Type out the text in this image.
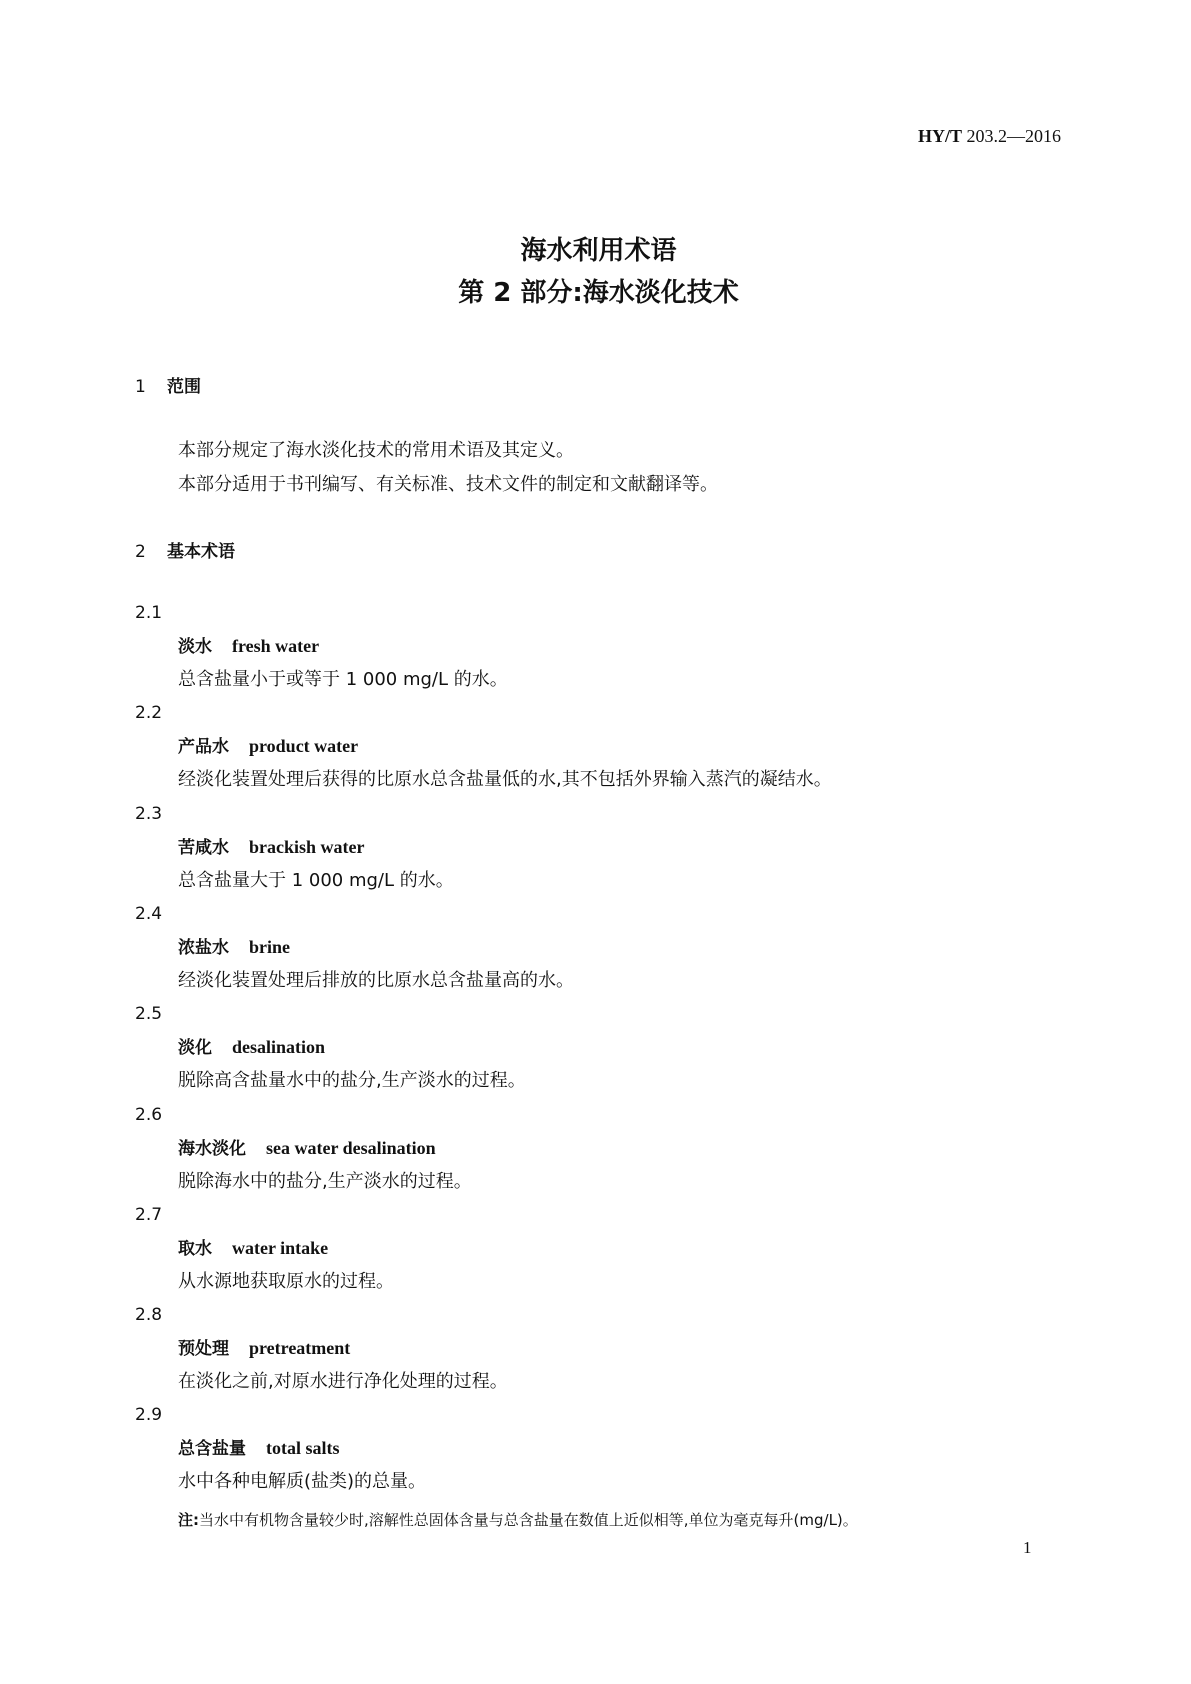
HY/T 203.2—2016
海水利用术语
第 2 部分:海水淡化技术
1 范围
本部分规定了海水淡化技术的常用术语及其定义。
本部分适用于书刊编写、有关标准、技术文件的制定和文献翻译等。
2 基本术语
2.1
淡水 fresh water
总含盐量小于或等于 1 000 mg/L 的水。
2.2
产品水 product water
经淡化装置处理后获得的比原水总含盐量低的水,其不包括外界输入蒸汽的凝结水。
2.3
苦咸水 brackish water
总含盐量大于 1 000 mg/L 的水。
2.4
浓盐水 brine
经淡化装置处理后排放的比原水总含盐量高的水。
2.5
淡化 desalination
脱除高含盐量水中的盐分,生产淡水的过程。
2.6
海水淡化 sea water desalination
脱除海水中的盐分,生产淡水的过程。
2.7
取水 water intake
从水源地获取原水的过程。
2.8
预处理 pretreatment
在淡化之前,对原水进行净化处理的过程。
2.9
总含盐量 total salts
水中各种电解质(盐类)的总量。
注:当水中有机物含量较少时,溶解性总固体含量与总含盐量在数值上近似相等,单位为毫克每升(mg/L)。
1
